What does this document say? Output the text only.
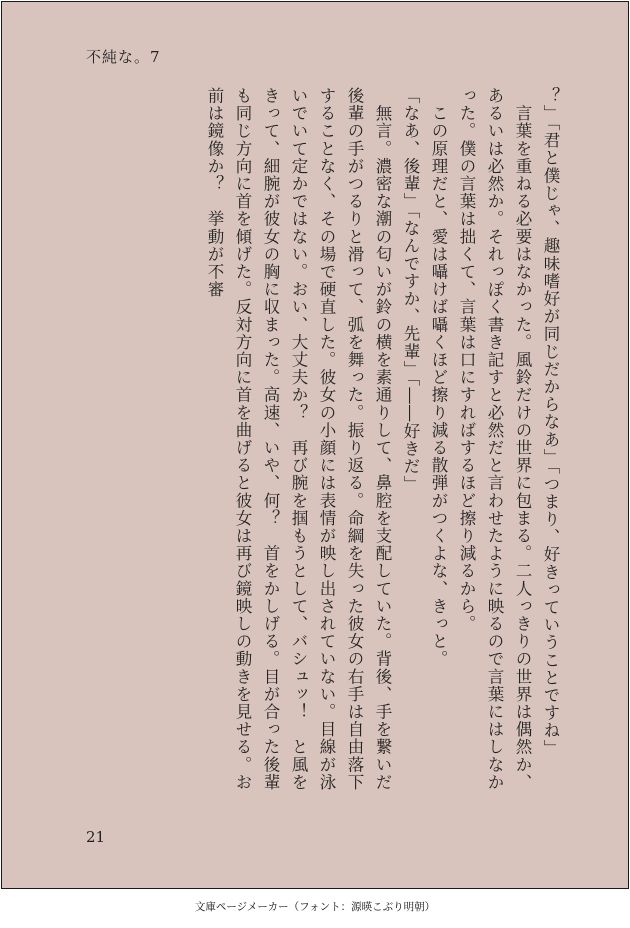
不純な。7

？」「君と僕じゃ、趣味嗜好が同じだからなあ」「つまり、好きっていうことですね」

　言葉を重ねる必要はなかった。風鈴だけの世界に包まる。二人っきりの世界は偶然か、あるいは必然か。それっぽく書き記すと必然だと言わせたように映るので言葉にはしなかった。僕の言葉は拙くて、言葉は口にすればするほど擦り減るから。

　この原理だと、愛は囁けば囁くほど擦り減る散弾がつくよな、きっと。

「なあ、後輩」「なんですか、先輩」「――好きだ」

　無言。濃密な潮の匂いが鈴の横を素通りして、鼻腔を支配していた。背後、手を繋いだ後輩の手がつるりと滑って、弧を舞った。振り返る。命綱を失った彼女の右手は自由落下することなく、その場で硬直した。彼女の小顔には表情が映し出されていない。目線が泳いでいて定かではない。おい、大丈夫か？　再び腕を掴もうとして、バシュッ！　と風をきって、細腕が彼女の胸に収まった。高速、いや、何？　首をかしげる。目が合った後輩も同じ方向に首を傾げた。反対方向に首を曲げると彼女は再び鏡映しの動きを見せる。お前は鏡像か？　挙動が不審

21
文庫ページメーカー（フォント：源暎こぶり明朝）
